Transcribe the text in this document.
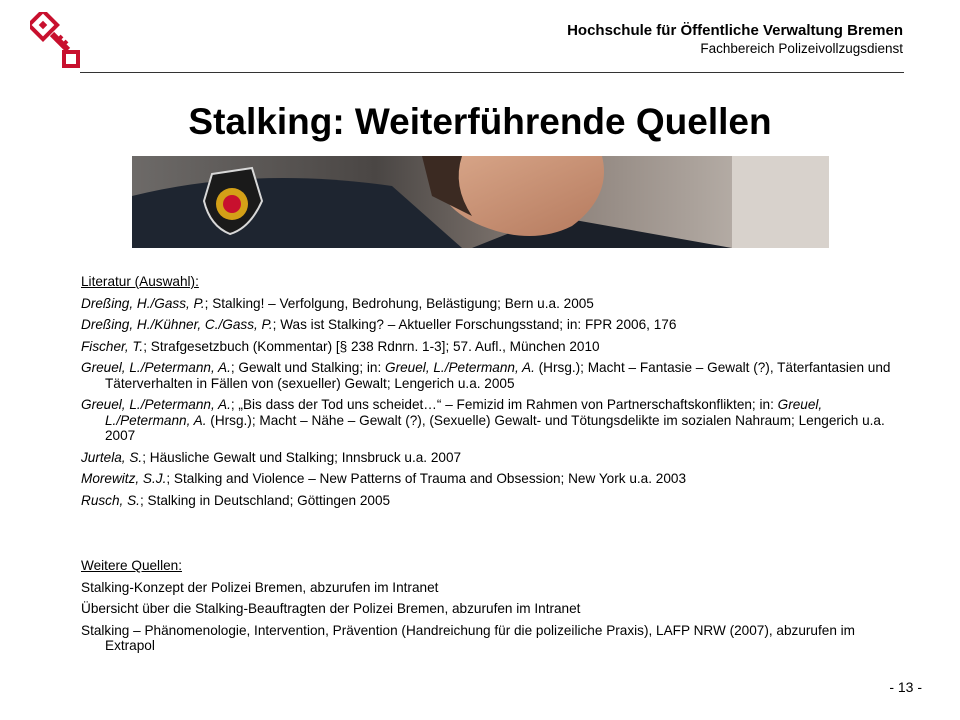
Hochschule für Öffentliche Verwaltung Bremen
Fachbereich Polizeivollzugsdienst
Stalking: Weiterführende Quellen
Literatur (Auswahl):
Dreßing, H./Gass, P.; Stalking! – Verfolgung, Bedrohung, Belästigung; Bern u.a. 2005
Dreßing, H./Kühner, C./Gass, P.; Was ist Stalking? – Aktueller Forschungsstand; in: FPR 2006, 176
Fischer, T.; Strafgesetzbuch (Kommentar) [§ 238 Rdnrn. 1-3]; 57. Aufl., München 2010
Greuel, L./Petermann, A.; Gewalt und Stalking; in: Greuel, L./Petermann, A. (Hrsg.); Macht – Fantasie – Gewalt (?), Täterfantasien und Täterverhalten in Fällen von (sexueller) Gewalt; Lengerich u.a. 2005
Greuel, L./Petermann, A.; „Bis dass der Tod uns scheidet…“ – Femizid im Rahmen von Partnerschaftskonflikten; in: Greuel, L./Petermann, A. (Hrsg.); Macht – Nähe – Gewalt (?), (Sexuelle) Gewalt- und Tötungsdelikte im sozialen Nahraum; Lengerich u.a. 2007
Jurtela, S.; Häusliche Gewalt und Stalking; Innsbruck u.a. 2007
Morewitz, S.J.; Stalking and Violence – New Patterns of Trauma and Obsession; New York u.a. 2003
Rusch, S.; Stalking in Deutschland; Göttingen 2005
Weitere Quellen:
Stalking-Konzept der Polizei Bremen, abzurufen im Intranet
Übersicht über die Stalking-Beauftragten der Polizei Bremen, abzurufen im Intranet
Stalking – Phänomenologie, Intervention, Prävention (Handreichung für die polizeiliche Praxis), LAFP NRW (2007), abzurufen im Extrapol
- 13 -
